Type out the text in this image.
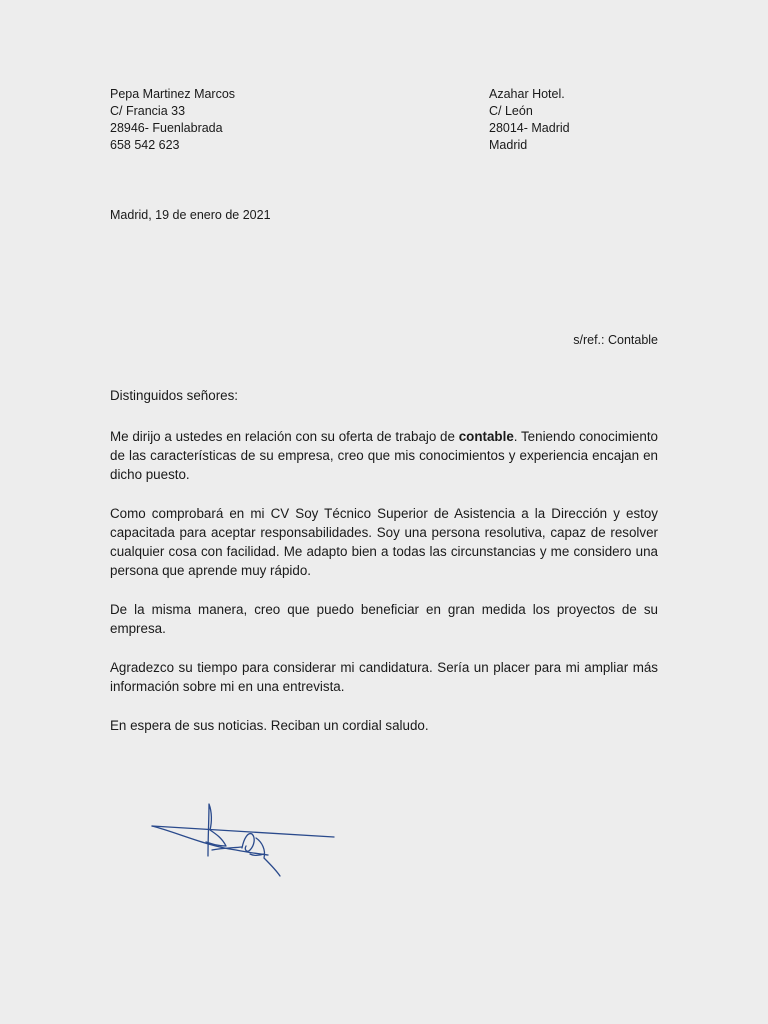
Pepa Martinez Marcos
C/ Francia 33
28946- Fuenlabrada
658 542 623
Azahar Hotel.
C/ León
28014- Madrid
Madrid
Madrid, 19 de enero de 2021
s/ref.: Contable

Distinguidos señores:

Me dirijo a ustedes en relación con su oferta de trabajo de contable. Teniendo conocimiento de las características de su empresa, creo que mis conocimientos y experiencia encajan en dicho puesto.

Como comprobará en mi CV Soy Técnico Superior de Asistencia a la Dirección y estoy capacitada para aceptar responsabilidades. Soy una persona resolutiva, capaz de resolver cualquier cosa con facilidad. Me adapto bien a todas las circunstancias y me considero una persona que aprende muy rápido.

De la misma manera, creo que puedo beneficiar en gran medida los proyectos de su empresa.

Agradezco su tiempo para considerar mi candidatura. Sería un placer para mi ampliar más información sobre mi en una entrevista.

En espera de sus noticias. Reciban un cordial saludo.
